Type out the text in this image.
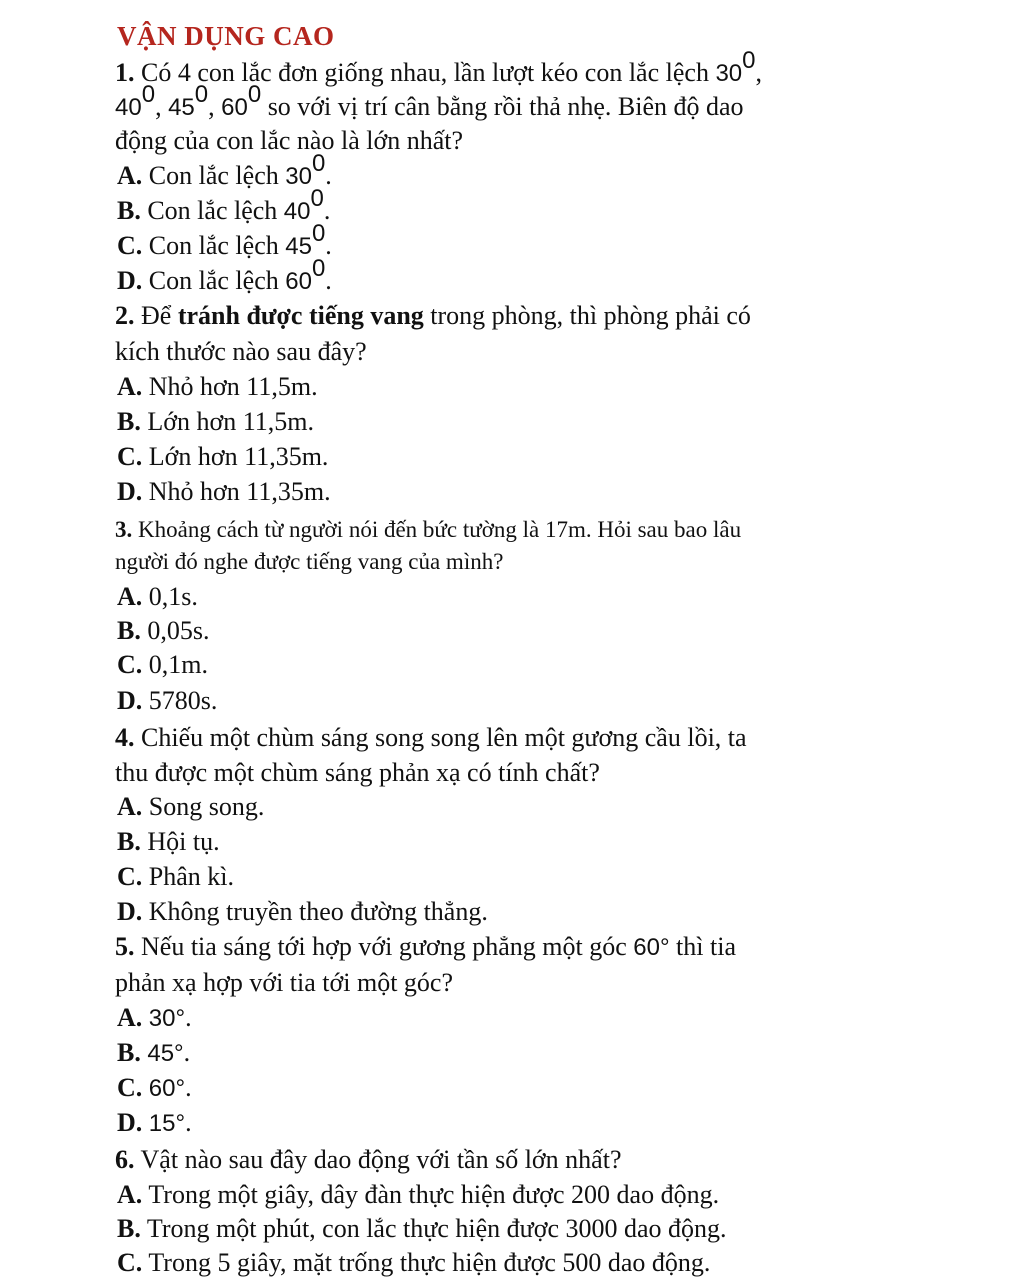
VẬN DỤNG CAO
1. Có 4 con lắc đơn giống nhau, lần lượt kéo con lắc lệch $30^0$,
$40^0$, $45^0$, $60^0$ so với vị trí cân bằng rồi thả nhẹ. Biên độ dao
động của con lắc nào là lớn nhất?
A. Con lắc lệch $30^0$.
B. Con lắc lệch $40^0$.
C. Con lắc lệch $45^0$.
D. Con lắc lệch $60^0$.
2. Để tránh được tiếng vang trong phòng, thì phòng phải có
kích thước nào sau đây?
A. Nhỏ hơn 11,5m.
B. Lớn hơn 11,5m.
C. Lớn hơn 11,35m.
D. Nhỏ hơn 11,35m.
3. Khoảng cách từ người nói đến bức tường là 17m. Hỏi sau bao lâu
người đó nghe được tiếng vang của mình?
A. 0,1s.
B. 0,05s.
C. 0,1m.
D. 5780s.
4. Chiếu một chùm sáng song song lên một gương cầu lồi, ta
thu được một chùm sáng phản xạ có tính chất?
A. Song song.
B. Hội tụ.
C. Phân kì.
D. Không truyền theo đường thẳng.
5. Nếu tia sáng tới hợp với gương phẳng một góc 60° thì tia
phản xạ hợp với tia tới một góc?
A. 30°.
B. 45°.
C. 60°.
D. 15°.
6. Vật nào sau đây dao động với tần số lớn nhất?
A. Trong một giây, dây đàn thực hiện được 200 dao động.
B. Trong một phút, con lắc thực hiện được 3000 dao động.
C. Trong 5 giây, mặt trống thực hiện được 500 dao động.
